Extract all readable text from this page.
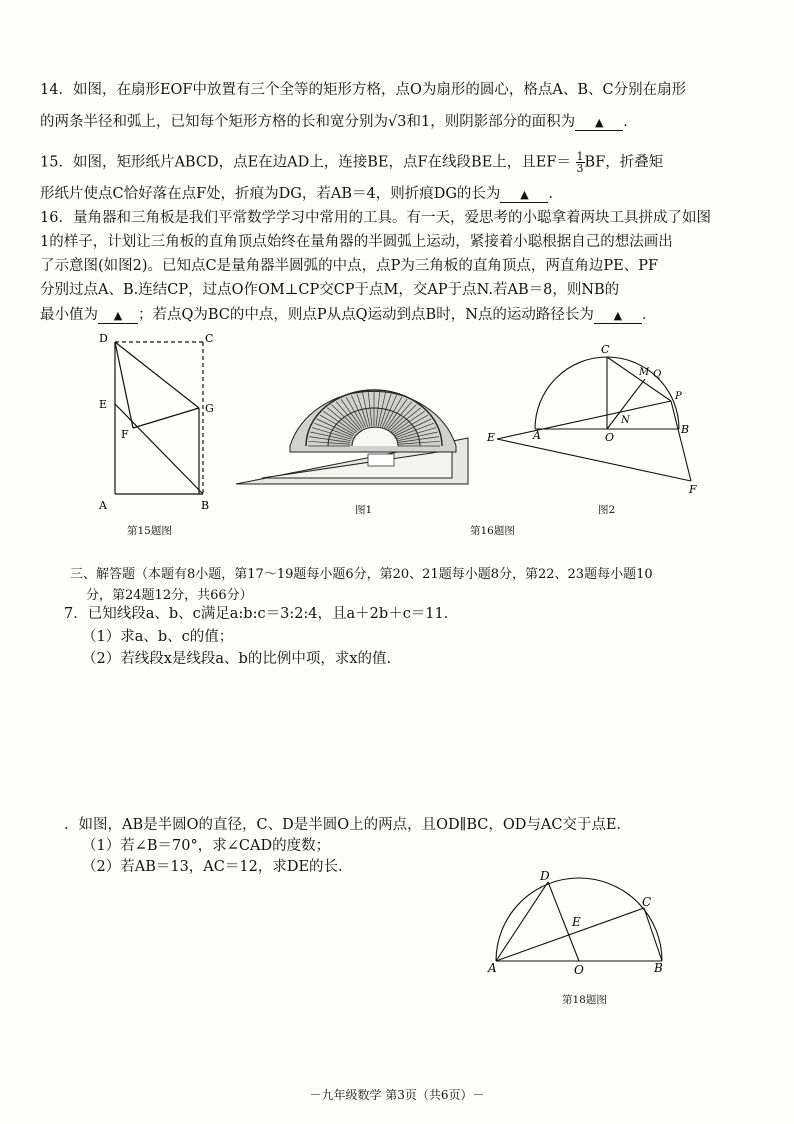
14．如图，在扇形EOF中放置有三个全等的矩形方格，点O为扇形的圆心，格点A、B、C分别在扇形
的两条半径和弧上，已知每个矩形方格的长和宽分别为√3和1，则阴影部分的面积为 ▲ ．
15．如图，矩形纸片ABCD，点E在边AD上，连接BE，点F在线段BE上，且$EF= \frac{1}{3}$ BF，折叠矩
形纸片使点C恰好落在点F处，折痕为DG，若AB＝4，则折痕DG的长为 ▲ ．
16．量角器和三角板是我们平常数学学习中常用的工具。有一天，爱思考的小聪拿着两块工具拼成了如图
1的样子，计划让三角板的直角顶点始终在量角器的半圆弧上运动，紧接着小聪根据自己的想法画出
了示意图(如图2)。已知点C是量角器半圆弧的中点，点P为三角板的直角顶点，两直角边PE、PF
分别过点A、B.连结CP，过点O作OM⊥CP交CP于点M，交AP于点N.若AB＝8，则NB的
最小值为 ▲ ；若点Q为BC的中点，则点P从点Q运动到点B时，N点的运动路径长为 ▲ ．
D	C
E	G
F
A	B
第15题图
图1
C
M Q
P
E	A	O
N
B
F
图2
第16题图
三、解答题（本题有8小题，第17～19题每小题6分，第20、21题每小题8分，第22、23题每小题10
分，第24题12分，共66分）
7．已知线段a、b、c满足a:b:c＝3:2:4，且a＋2b＋c＝11．
（1）求a、b、c的值；
（2）若线段x是线段a、b的比例中项，求x的值.
．如图，AB是半圆O的直径，C、D是半圆O上的两点，且OD∥BC，OD与AC交于点E．
（1）若∠B＝70°，求∠CAD的度数；
（2）若AB＝13，AC＝12，求DE的长.
D
C
E
A	O	B
第18题图
－九年级数学 第3页（共6页）－
